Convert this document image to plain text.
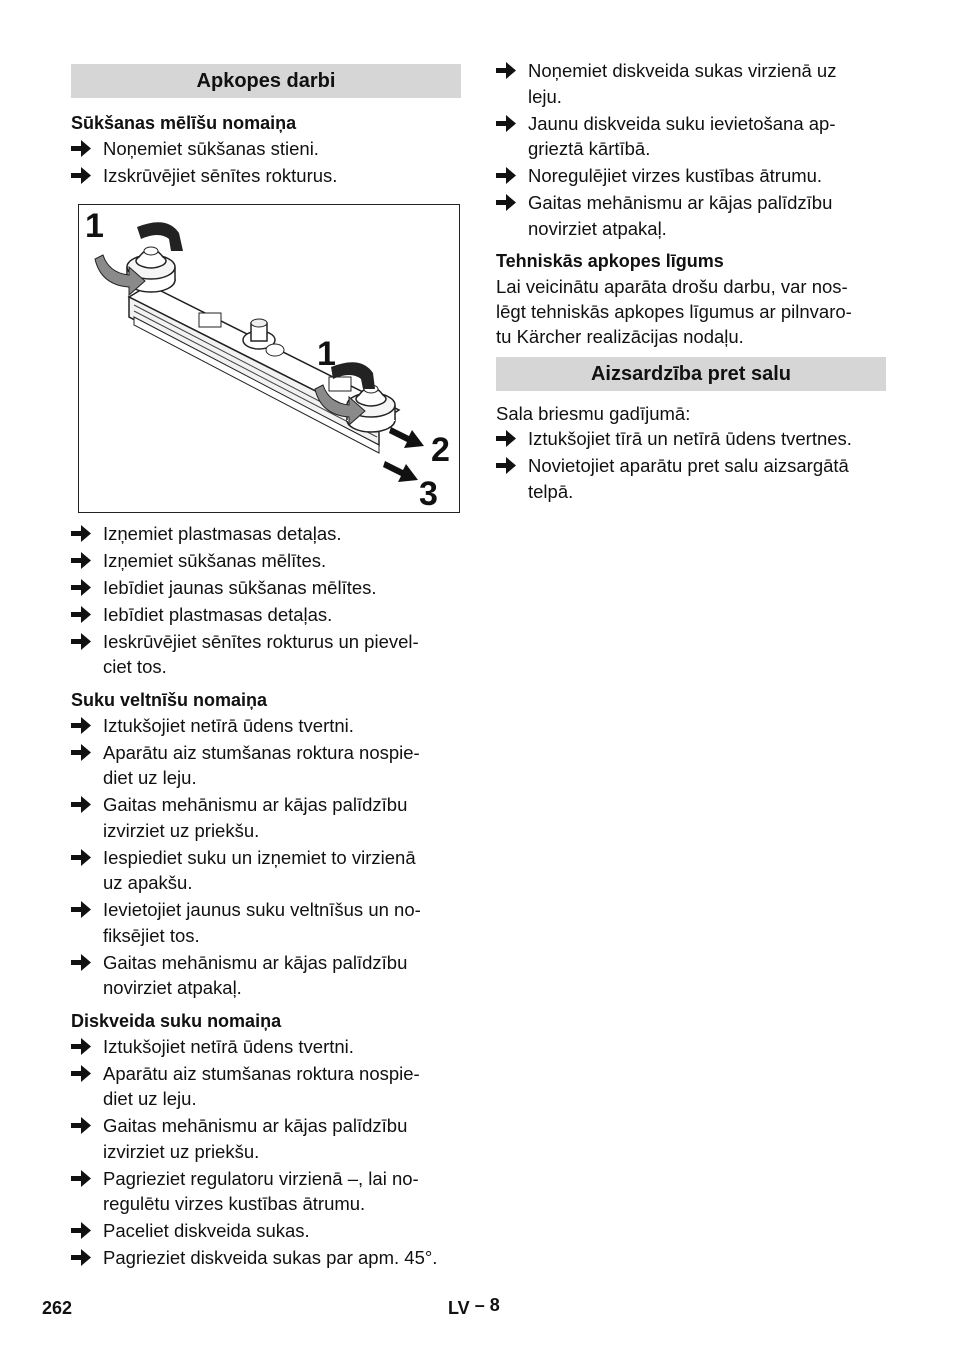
Apkopes darbi
Sūkšanas mēlīšu nomaiņa
Noņemiet sūkšanas stieni.
Izskrūvējiet sēnītes rokturus.
1
1
2
3
Izņemiet plastmasas detaļas.
Izņemiet sūkšanas mēlītes.
Iebīdiet jaunas sūkšanas mēlītes.
Iebīdiet plastmasas detaļas.
Ieskrūvējiet sēnītes rokturus un pievel-
ciet tos.
Suku veltnīšu nomaiņa
Iztukšojiet netīrā ūdens tvertni.
Aparātu aiz stumšanas roktura nospie-
diet uz leju.
Gaitas mehānismu ar kājas palīdzību
izvirziet uz priekšu.
Iespiediet suku un izņemiet to virzienā
uz apakšu.
Ievietojiet jaunus suku veltnīšus un no-
fiksējiet tos.
Gaitas mehānismu ar kājas palīdzību
novirziet atpakaļ.
Diskveida suku nomaiņa
Iztukšojiet netīrā ūdens tvertni.
Aparātu aiz stumšanas roktura nospie-
diet uz leju.
Gaitas mehānismu ar kājas palīdzību
izvirziet uz priekšu.
Pagrieziet regulatoru virzienā –, lai no-
regulētu virzes kustības ātrumu.
Paceliet diskveida sukas.
Pagrieziet diskveida sukas par apm. 45°.
Noņemiet diskveida sukas virzienā uz
leju.
Jaunu diskveida suku ievietošana ap-
grieztā kārtībā.
Noregulējiet virzes kustības ātrumu.
Gaitas mehānismu ar kājas palīdzību
novirziet atpakaļ.
Tehniskās apkopes līgums

Lai veicinātu aparāta drošu darbu, var nos-
lēgt tehniskās apkopes līgumus ar pilnvaro-
tu Kärcher realizācijas nodaļu.

Aizsardzība pret salu

Sala briesmu gadījumā:

Iztukšojiet tīrā un netīrā ūdens tvertnes.
Novietojiet aparātu pret salu aizsargātā
telpā.
262	LV – 8
